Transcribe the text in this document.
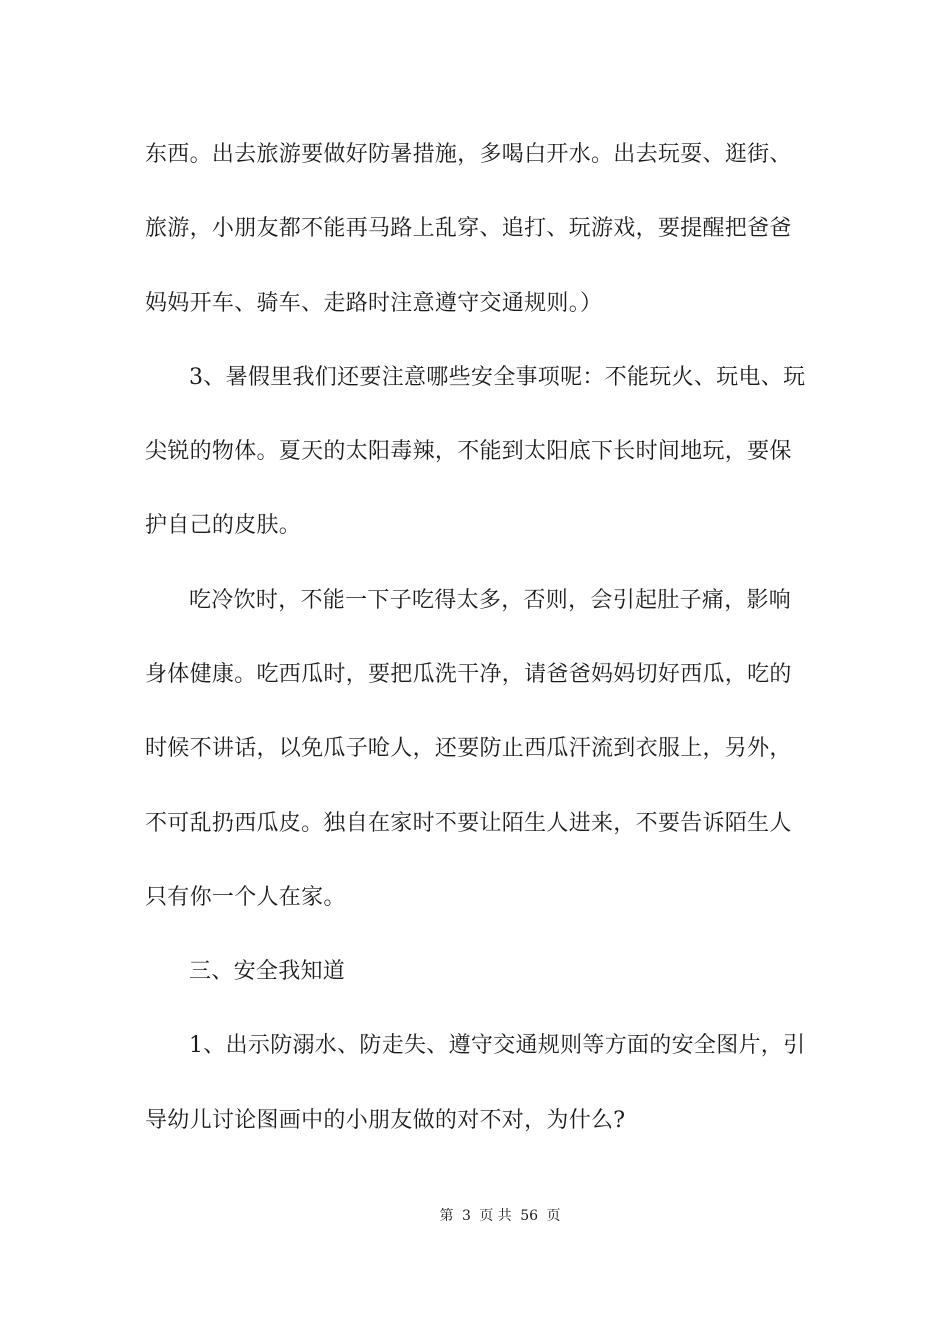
东西。出去旅游要做好防暑措施，多喝白开水。出去玩耍、逛街、
旅游，小朋友都不能再马路上乱穿、追打、玩游戏，要提醒把爸爸
妈妈开车、骑车、走路时注意遵守交通规则。）
3、暑假里我们还要注意哪些安全事项呢：不能玩火、玩电、玩
尖锐的物体。夏天的太阳毒辣，不能到太阳底下长时间地玩，要保
护自己的皮肤。
吃冷饮时，不能一下子吃得太多，否则，会引起肚子痛，影响
身体健康。吃西瓜时，要把瓜洗干净，请爸爸妈妈切好西瓜，吃的
时候不讲话，以免瓜子呛人，还要防止西瓜汗流到衣服上，另外，
不可乱扔西瓜皮。独自在家时不要让陌生人进来，不要告诉陌生人
只有你一个人在家。
三、安全我知道
1、出示防溺水、防走失、遵守交通规则等方面的安全图片，引
导幼儿讨论图画中的小朋友做的对不对，为什么?
第 3 页 共 56 页
